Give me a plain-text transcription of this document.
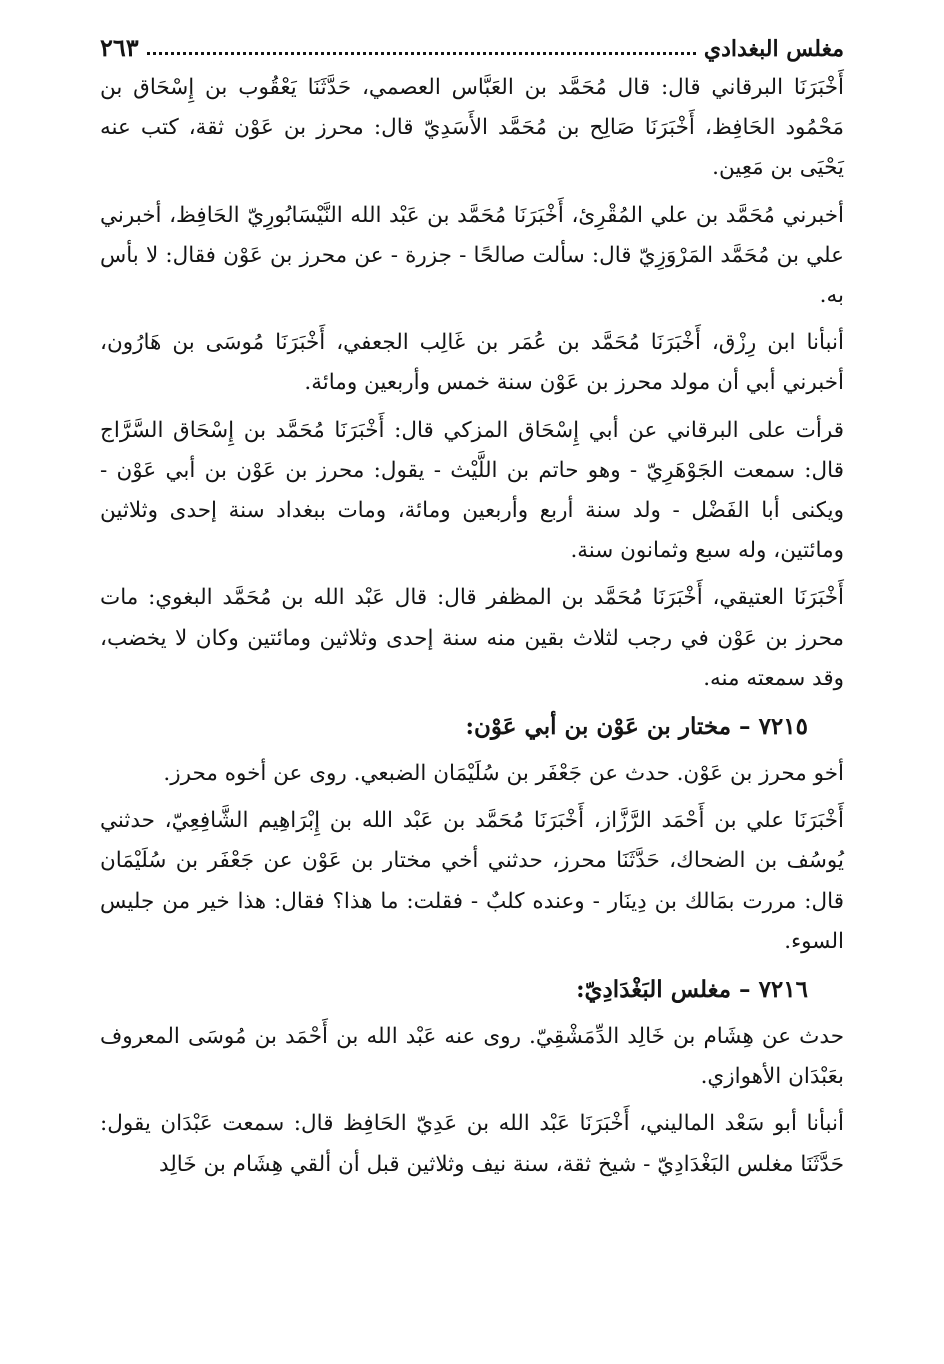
مغلس البغدادي
٢٦٣

أَخْبَرَنَا البرقاني قال: قال مُحَمَّد بن العَبَّاس العصمي، حَدَّثَنَا يَعْقُوب بن إِسْحَاق بن مَحْمُود الحَافِظ، أَخْبَرَنَا صَالِح بن مُحَمَّد الأَسَدِيّ قال: محرز بن عَوْن ثقة، كتب عنه يَحْيَى بن مَعِين.

أخبرني مُحَمَّد بن علي المُقْرِئ، أَخْبَرَنَا مُحَمَّد بن عَبْد الله النَّيْسَابُورِيّ الحَافِظ، أخبرني علي بن مُحَمَّد المَرْوَزِيّ قال: سألت صالحًا - جزرة - عن محرز بن عَوْن فقال: لا بأس به.

أنبأنا ابن رِزْق، أَخْبَرَنَا مُحَمَّد بن عُمَر بن غَالِب الجعفي، أَخْبَرَنَا مُوسَى بن هَارُون، أخبرني أبي أن مولد محرز بن عَوْن سنة خمس وأربعين ومائة.

قرأت على البرقاني عن أبي إِسْحَاق المزكي قال: أَخْبَرَنَا مُحَمَّد بن إِسْحَاق السَّرَّاج قال: سمعت الجَوْهَرِيّ - وهو حاتم بن اللَّيْث - يقول: محرز بن عَوْن بن أبي عَوْن - ويكنى أبا الفَضْل - ولد سنة أربع وأربعين ومائة، ومات ببغداد سنة إحدى وثلاثين ومائتين، وله سبع وثمانون سنة.

أَخْبَرَنَا العتيقي، أَخْبَرَنَا مُحَمَّد بن المظفر قال: قال عَبْد الله بن مُحَمَّد البغوي: مات محرز بن عَوْن في رجب لثلاث بقين منه سنة إحدى وثلاثين ومائتين وكان لا يخضب، وقد سمعته منه.

٧٢١٥ – مختار بن عَوْن بن أبي عَوْن:

أخو محرز بن عَوْن. حدث عن جَعْفَر بن سُلَيْمَان الضبعي. روى عن أخوه محرز.

أَخْبَرَنَا علي بن أَحْمَد الرَّزَّاز، أَخْبَرَنَا مُحَمَّد بن عَبْد الله بن إِبْرَاهِيم الشَّافِعِيّ، حدثني يُوسُف بن الضحاك، حَدَّثَنَا محرز، حدثني أخي مختار بن عَوْن عن جَعْفَر بن سُلَيْمَان قال: مررت بمَالك بن دِينَار - وعنده كلبٌ - فقلت: ما هذا؟ فقال: هذا خير من جليس السوء.

٧٢١٦ – مغلس البَغْدَادِيّ:

حدث عن هِشَام بن خَالِد الدِّمَشْقِيّ. روى عنه عَبْد الله بن أَحْمَد بن مُوسَى المعروف بعَبْدَان الأهوازي.

أنبأنا أبو سَعْد الماليني، أَخْبَرَنَا عَبْد الله بن عَدِيّ الحَافِظ قال: سمعت عَبْدَان يقول: حَدَّثَنَا مغلس البَغْدَادِيّ - شيخ ثقة، سنة نيف وثلاثين قبل أن ألقي هِشَام بن خَالِد
